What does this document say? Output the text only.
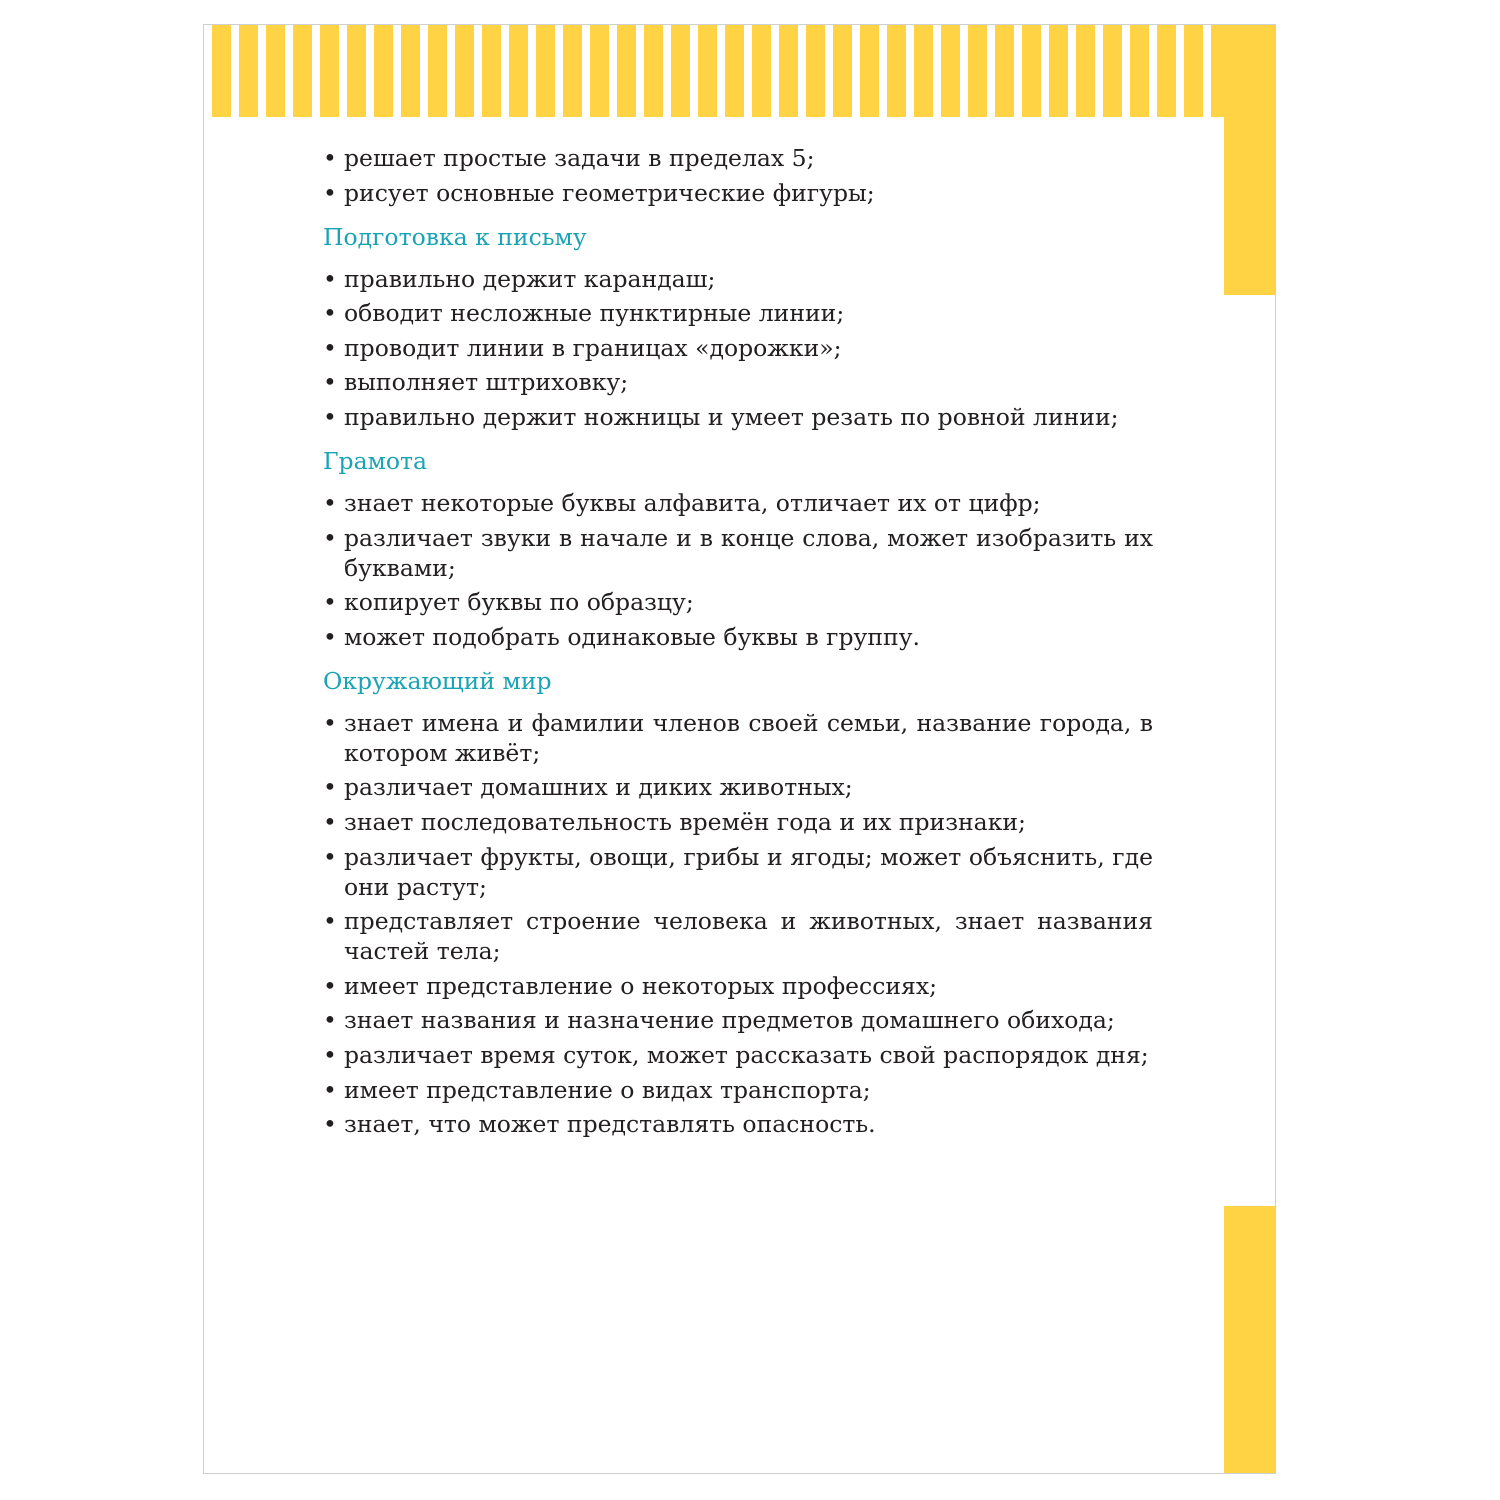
• решает простые задачи в пределах 5;
• рисует основные геометрические фигуры;
Подготовка к письму
• правильно держит карандаш;
• обводит несложные пунктирные линии;
• проводит линии в границах «дорожки»;
• выполняет штриховку;
• правильно держит ножницы и умеет резать по ровной линии;
Грамота
• знает некоторые буквы алфавита, отличает их от цифр;
• различает звуки в начале и в конце слова, может изобразить их буквами;
• копирует буквы по образцу;
• может подобрать одинаковые буквы в группу.
Окружающий мир
• знает имена и фамилии членов своей семьи, название города, в котором живёт;
• различает домашних и диких животных;
• знает последовательность времён года и их признаки;
• различает фрукты, овощи, грибы и ягоды; может объяснить, где они растут;
• представляет строение человека и животных, знает названия частей тела;
• имеет представление о некоторых профессиях;
• знает названия и назначение предметов домашнего обихода;
• различает время суток, может рассказать свой распорядок дня;
• имеет представление о видах транспорта;
• знает, что может представлять опасность.
